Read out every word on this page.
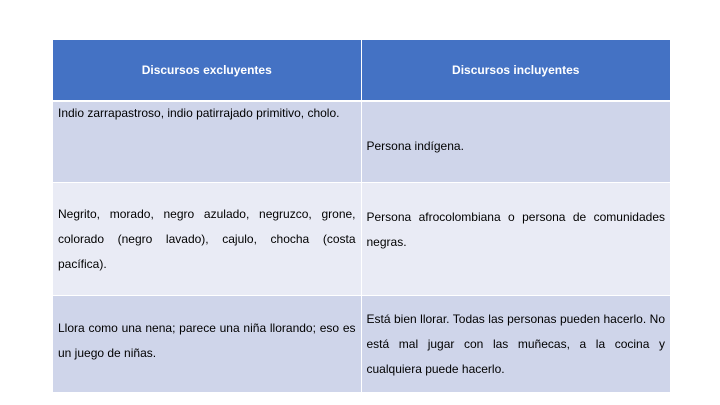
Discursos excluyentes	Discursos incluyentes
Indio zarrapastroso, indio patirrajado primitivo, cholo.	Persona indígena.
Negrito, morado, negro azulado, negruzco, grone, colorado (negro lavado), cajulo, chocha (costa pacífica).	Persona afrocolombiana o persona de comunidades negras.
Llora como una nena; parece una niña llorando; eso es un juego de niñas.	Está bien llorar. Todas las personas pueden hacerlo. No está mal jugar con las muñecas, a la cocina y cualquiera puede hacerlo.
